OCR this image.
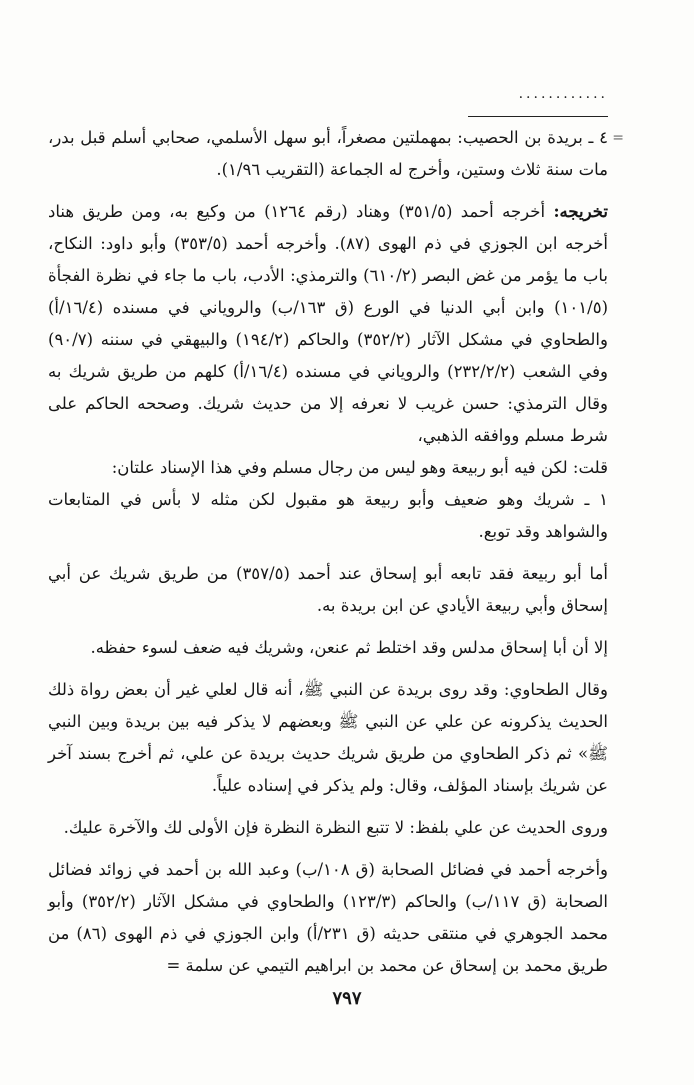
............
=

٤ ـ بريدة بن الحصيب: بمهملتين مصغراً، أبو سهل الأسلمي، صحابي أسلم قبل بدر، مات سنة ثلاث وستين، وأخرج له الجماعة (التقريب ١/٩٦).

تخريجه: أخرجه أحمد (٣٥١/٥) وهناد (رقم ١٢٦٤) من وكيع به، ومن طريق هناد أخرجه ابن الجوزي في ذم الهوى (٨٧). وأخرجه أحمد (٣٥٣/٥) وأبو داود: النكاح، باب ما يؤمر من غض البصر (٦١٠/٢) والترمذي: الأدب، باب ما جاء في نظرة الفجأة (١٠١/٥) وابن أبي الدنيا في الورع (ق ١٦٣/ب) والروياني في مسنده (١٦/٤/أ) والطحاوي في مشكل الآثار (٣٥٢/٢) والحاكم (١٩٤/٢) والبيهقي في سننه (٩٠/٧) وفي الشعب (٢٣٢/٢/٢) والروياني في مسنده (١٦/٤/أ) كلهم من طريق شريك به وقال الترمذي: حسن غريب لا نعرفه إلا من حديث شريك. وصححه الحاكم على شرط مسلم ووافقه الذهبي،

قلت: لكن فيه أبو ربيعة وهو ليس من رجال مسلم وفي هذا الإسناد علتان:

١ ـ شريك وهو ضعيف وأبو ربيعة هو مقبول لكن مثله لا بأس في المتابعات والشواهد وقد توبع.

أما أبو ربيعة فقد تابعه أبو إسحاق عند أحمد (٣٥٧/٥) من طريق شريك عن أبي إسحاق وأبي ربيعة الأيادي عن ابن بريدة به.

إلا أن أبا إسحاق مدلس وقد اختلط ثم عنعن، وشريك فيه ضعف لسوء حفظه.

وقال الطحاوي: وقد روى بريدة عن النبي ﷺ، أنه قال لعلي غير أن بعض رواة ذلك الحديث يذكرونه عن علي عن النبي ﷺ وبعضهم لا يذكر فيه بين بريدة وبين النبي ﷺ» ثم ذكر الطحاوي من طريق شريك حديث بريدة عن علي، ثم أخرج بسند آخر عن شريك بإسناد المؤلف، وقال: ولم يذكر في إسناده علياً.

وروى الحديث عن علي بلفظ: لا تتبع النظرة النظرة فإن الأولى لك والآخرة عليك.

وأخرجه أحمد في فضائل الصحابة (ق ١٠٨/ب) وعبد الله بن أحمد في زوائد فضائل الصحابة (ق ١١٧/ب) والحاكم (١٢٣/٣) والطحاوي في مشكل الآثار (٣٥٢/٢) وأبو محمد الجوهري في منتقى حديثه (ق ٢٣١/أ) وابن الجوزي في ذم الهوى (٨٦) من طريق محمد بن إسحاق عن محمد بن ابراهيم التيمي عن سلمة =

٧٩٧
